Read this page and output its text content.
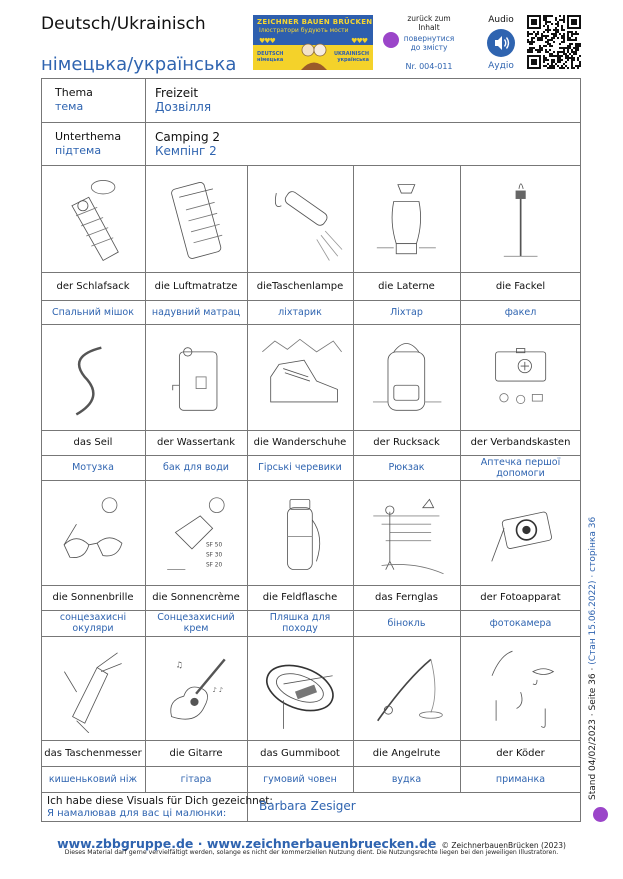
Deutsch/Ukrainisch
німецька/українська
ZEICHNER BAUEN BRÜCKEN
Ілюстратори будують мости
♥♥♥	♥♥♥
DEUTSCH
німецька
UKRAINISCH
українська
zurück zum Inhalt
повернутися до змісту
Nr. 004-011
Audio
Аудіо
Thema
тема
Freizeit
Дозвілля
Unterthema
підтема
Camping 2
Кемпінг 2
der Schlafsack
Спальний мішок
die Luftmatratze
надувний матрац
dieTaschenlampe
ліхтарик
die Laterne
Ліхтар
die Fackel
факел
das Seil
Мотузка
der Wassertank
бак для води
die Wanderschuhe
Гірські черевики
der Rucksack
Рюкзак
der Verbandskasten
Аптечка першої допомоги
die Sonnenbrille
сонцезахисні окуляри
SF 50
SF 30
SF 20
die Sonnencrème
Сонцезахисний крем
die Feldflasche
Пляшка для походу
das Fernglas
бінокль
der Fotoapparat
фотокамера
das Taschenmesser
кишеньковий ніж
♫
♪ ♪
die Gitarre
гітара
das Gummiboot
гумовий човен
die Angelrute
вудка
der Köder
приманка
Ich habe diese Visuals für Dich gezeichnet:
Я намалював для вас ці малюнки:
Barbara Zesiger
www.zbbgruppe.de · www.zeichnerbauenbruecken.de © ZeichnerbauenBrücken (2023)
Dieses Material darf gerne vervielfältigt werden, solange es nicht der kommerziellen Nutzung dient. Die Nutzungsrechte liegen bei den jeweiligen Illustratoren.
Stand 04/02/2023 · Seite 36 · (Стан 15.06.2022) · сторінка 36
